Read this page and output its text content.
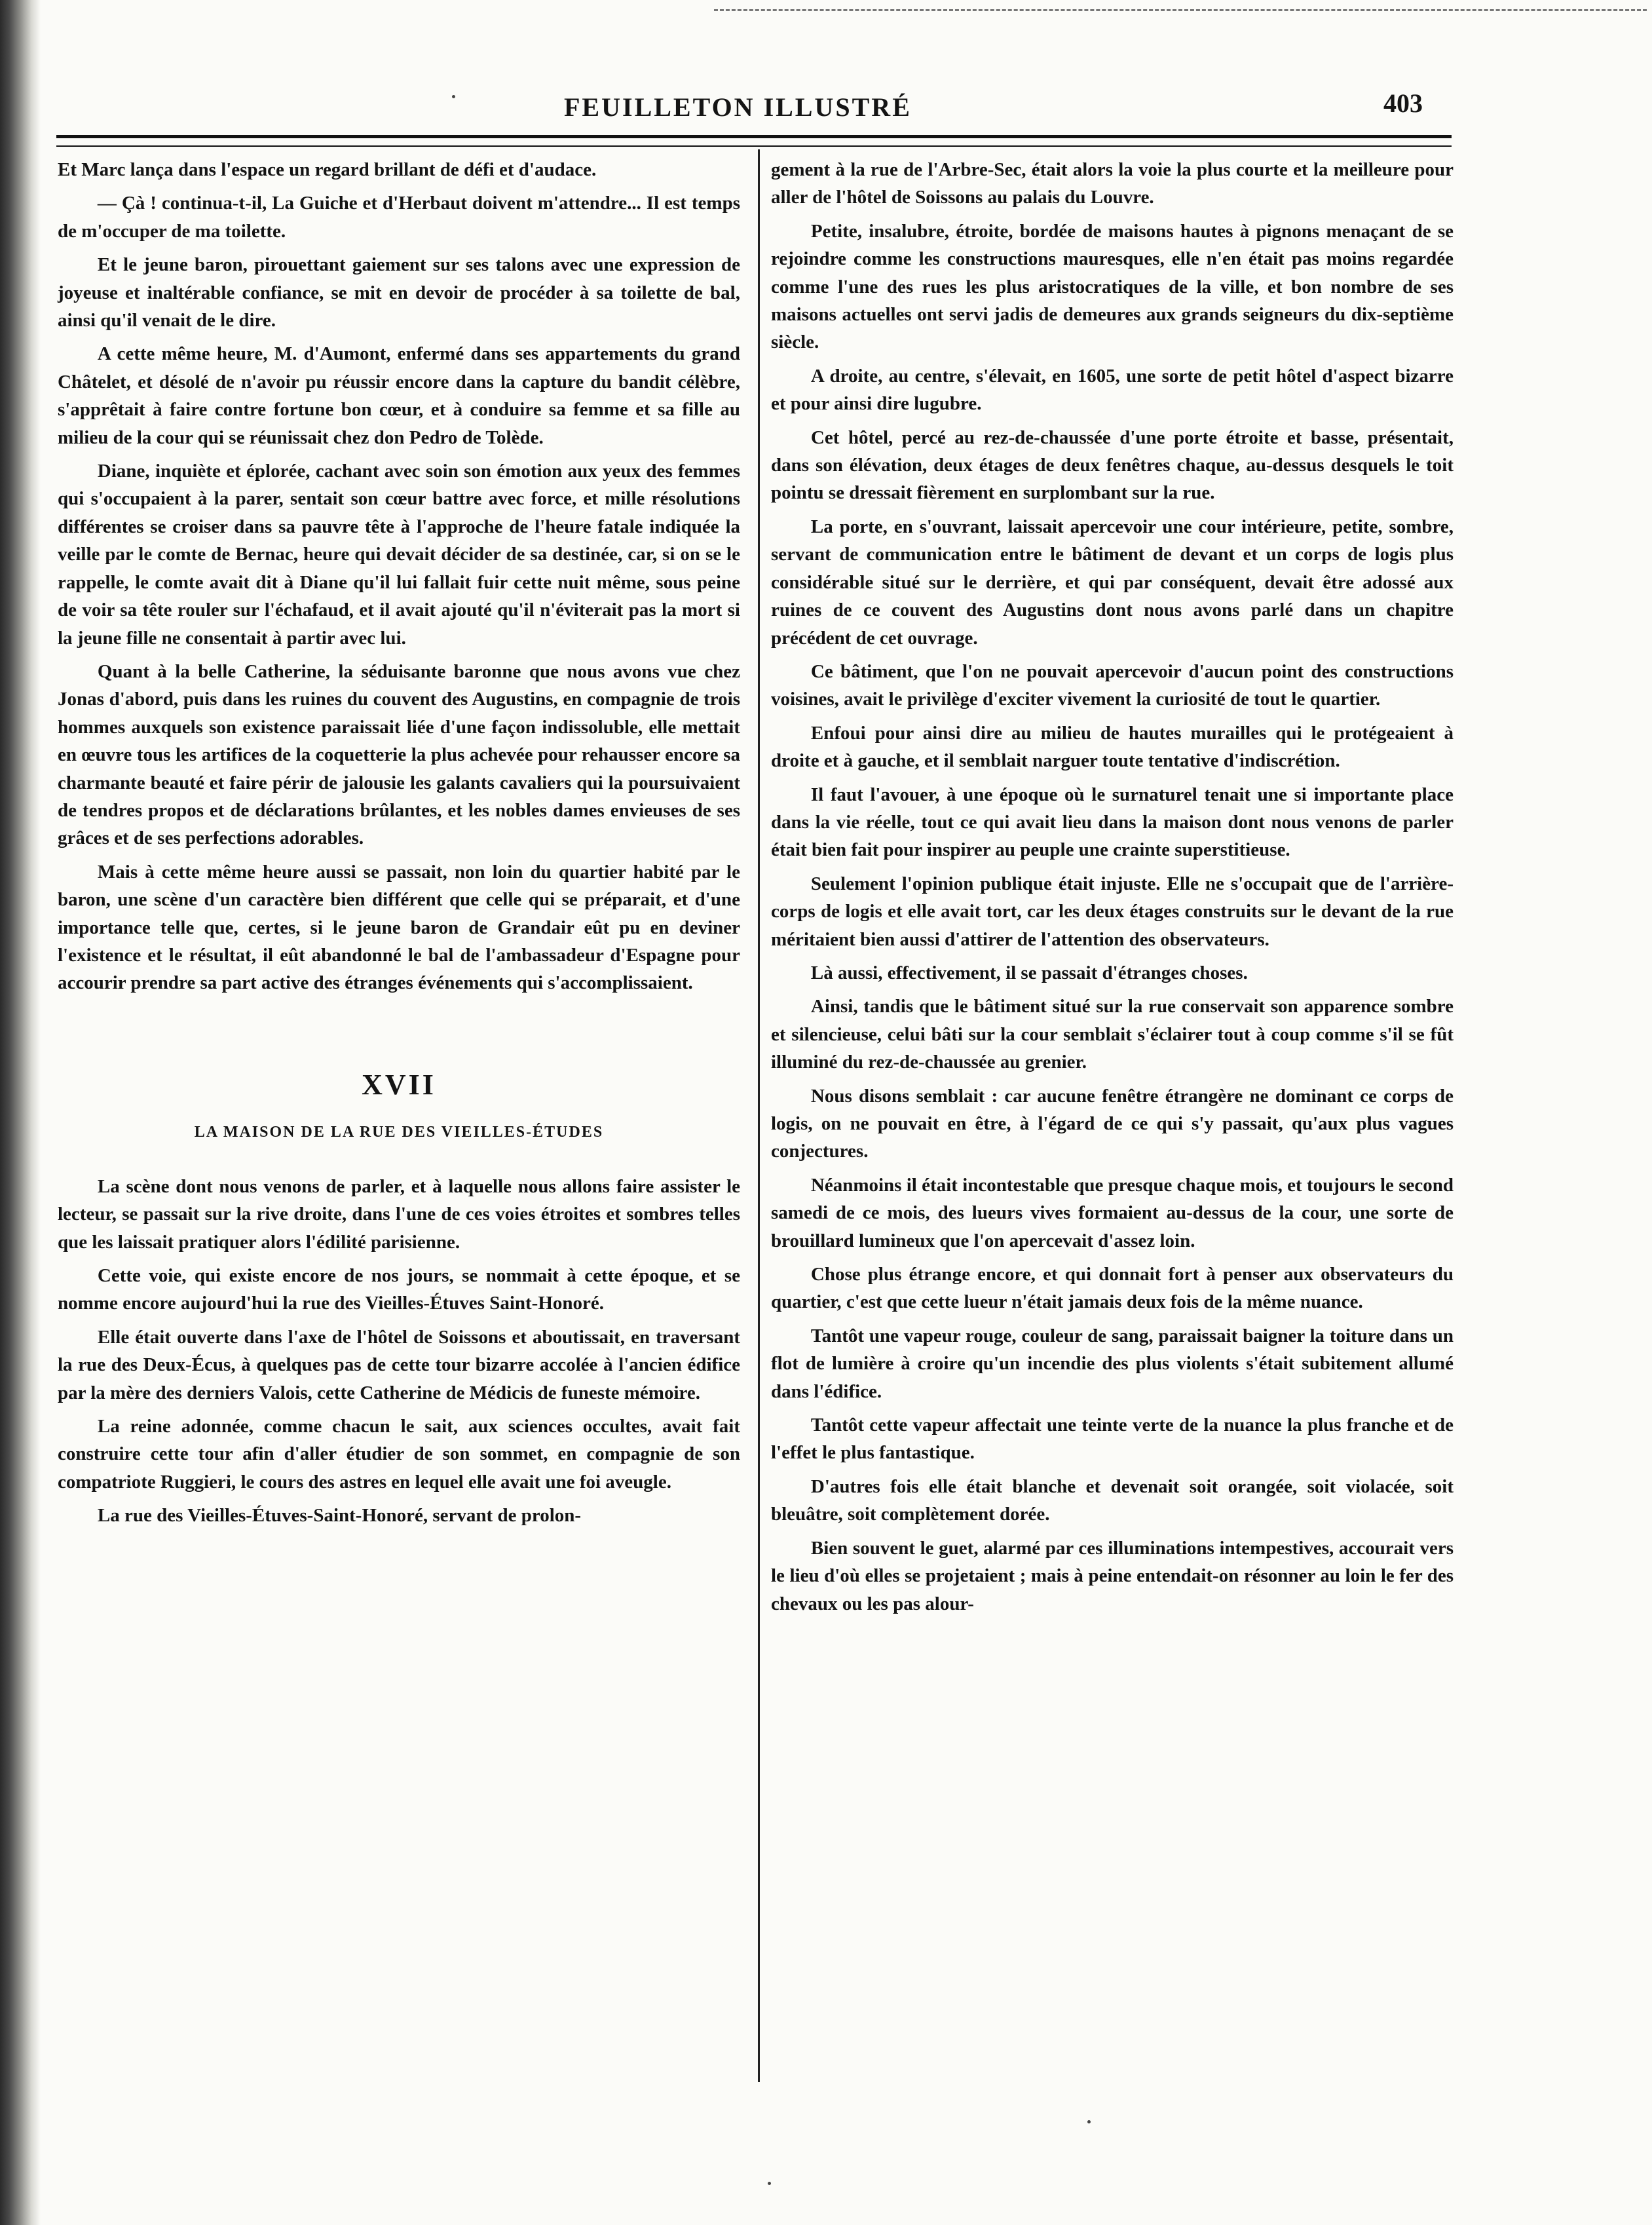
FEUILLETON ILLUSTRÉ	403

Et Marc lança dans l'espace un regard brillant de défi et d'audace.

— Çà ! continua-t-il, La Guiche et d'Herbaut doivent m'attendre... Il est temps de m'occuper de ma toilette.

Et le jeune baron, pirouettant gaiement sur ses talons avec une expression de joyeuse et inaltérable confiance, se mit en devoir de procéder à sa toilette de bal, ainsi qu'il venait de le dire.

A cette même heure, M. d'Aumont, enfermé dans ses appartements du grand Châtelet, et désolé de n'avoir pu réussir encore dans la capture du bandit célèbre, s'apprêtait à faire contre fortune bon cœur, et à conduire sa femme et sa fille au milieu de la cour qui se réunissait chez don Pedro de Tolède.

Diane, inquiète et éplorée, cachant avec soin son émotion aux yeux des femmes qui s'occupaient à la parer, sentait son cœur battre avec force, et mille résolutions différentes se croiser dans sa pauvre tête à l'approche de l'heure fatale indiquée la veille par le comte de Bernac, heure qui devait décider de sa destinée, car, si on se le rappelle, le comte avait dit à Diane qu'il lui fallait fuir cette nuit même, sous peine de voir sa tête rouler sur l'échafaud, et il avait ajouté qu'il n'éviterait pas la mort si la jeune fille ne consentait à partir avec lui.

Quant à la belle Catherine, la séduisante baronne que nous avons vue chez Jonas d'abord, puis dans les ruines du couvent des Augustins, en compagnie de trois hommes auxquels son existence paraissait liée d'une façon indissoluble, elle mettait en œuvre tous les artifices de la coquetterie la plus achevée pour rehausser encore sa charmante beauté et faire périr de jalousie les galants cavaliers qui la poursuivaient de tendres propos et de déclarations brûlantes, et les nobles dames envieuses de ses grâces et de ses perfections adorables.

Mais à cette même heure aussi se passait, non loin du quartier habité par le baron, une scène d'un caractère bien différent que celle qui se préparait, et d'une importance telle que, certes, si le jeune baron de Grandair eût pu en deviner l'existence et le résultat, il eût abandonné le bal de l'ambassadeur d'Espagne pour accourir prendre sa part active des étranges événements qui s'accomplissaient.

XVII
LA MAISON DE LA RUE DES VIEILLES-ÉTUDES

La scène dont nous venons de parler, et à laquelle nous allons faire assister le lecteur, se passait sur la rive droite, dans l'une de ces voies étroites et sombres telles que les laissait pratiquer alors l'édilité parisienne.

Cette voie, qui existe encore de nos jours, se nommait à cette époque, et se nomme encore aujourd'hui la rue des Vieilles-Étuves Saint-Honoré.

Elle était ouverte dans l'axe de l'hôtel de Soissons et aboutissait, en traversant la rue des Deux-Écus, à quelques pas de cette tour bizarre accolée à l'ancien édifice par la mère des derniers Valois, cette Catherine de Médicis de funeste mémoire.

La reine adonnée, comme chacun le sait, aux sciences occultes, avait fait construire cette tour afin d'aller étudier de son sommet, en compagnie de son compatriote Ruggieri, le cours des astres en lequel elle avait une foi aveugle.

La rue des Vieilles-Étuves-Saint-Honoré, servant de prolon-

gement à la rue de l'Arbre-Sec, était alors la voie la plus courte et la meilleure pour aller de l'hôtel de Soissons au palais du Louvre.

Petite, insalubre, étroite, bordée de maisons hautes à pignons menaçant de se rejoindre comme les constructions mauresques, elle n'en était pas moins regardée comme l'une des rues les plus aristocratiques de la ville, et bon nombre de ses maisons actuelles ont servi jadis de demeures aux grands seigneurs du dix-septième siècle.

A droite, au centre, s'élevait, en 1605, une sorte de petit hôtel d'aspect bizarre et pour ainsi dire lugubre.

Cet hôtel, percé au rez-de-chaussée d'une porte étroite et basse, présentait, dans son élévation, deux étages de deux fenêtres chaque, au-dessus desquels le toit pointu se dressait fièrement en surplombant sur la rue.

La porte, en s'ouvrant, laissait apercevoir une cour intérieure, petite, sombre, servant de communication entre le bâtiment de devant et un corps de logis plus considérable situé sur le derrière, et qui par conséquent, devait être adossé aux ruines de ce couvent des Augustins dont nous avons parlé dans un chapitre précédent de cet ouvrage.

Ce bâtiment, que l'on ne pouvait apercevoir d'aucun point des constructions voisines, avait le privilège d'exciter vivement la curiosité de tout le quartier.

Enfoui pour ainsi dire au milieu de hautes murailles qui le protégeaient à droite et à gauche, et il semblait narguer toute tentative d'indiscrétion.

Il faut l'avouer, à une époque où le surnaturel tenait une si importante place dans la vie réelle, tout ce qui avait lieu dans la maison dont nous venons de parler était bien fait pour inspirer au peuple une crainte superstitieuse.

Seulement l'opinion publique était injuste. Elle ne s'occupait que de l'arrière-corps de logis et elle avait tort, car les deux étages construits sur le devant de la rue méritaient bien aussi d'attirer de l'attention des observateurs.

Là aussi, effectivement, il se passait d'étranges choses.

Ainsi, tandis que le bâtiment situé sur la rue conservait son apparence sombre et silencieuse, celui bâti sur la cour semblait s'éclairer tout à coup comme s'il se fût illuminé du rez-de-chaussée au grenier.

Nous disons semblait : car aucune fenêtre étrangère ne dominant ce corps de logis, on ne pouvait en être, à l'égard de ce qui s'y passait, qu'aux plus vagues conjectures.

Néanmoins il était incontestable que presque chaque mois, et toujours le second samedi de ce mois, des lueurs vives formaient au-dessus de la cour, une sorte de brouillard lumineux que l'on apercevait d'assez loin.

Chose plus étrange encore, et qui donnait fort à penser aux observateurs du quartier, c'est que cette lueur n'était jamais deux fois de la même nuance.

Tantôt une vapeur rouge, couleur de sang, paraissait baigner la toiture dans un flot de lumière à croire qu'un incendie des plus violents s'était subitement allumé dans l'édifice.

Tantôt cette vapeur affectait une teinte verte de la nuance la plus franche et de l'effet le plus fantastique.

D'autres fois elle était blanche et devenait soit orangée, soit violacée, soit bleuâtre, soit complètement dorée.

Bien souvent le guet, alarmé par ces illuminations intempestives, accourait vers le lieu d'où elles se projetaient ; mais à peine entendait-on résonner au loin le fer des chevaux ou les pas alour-
